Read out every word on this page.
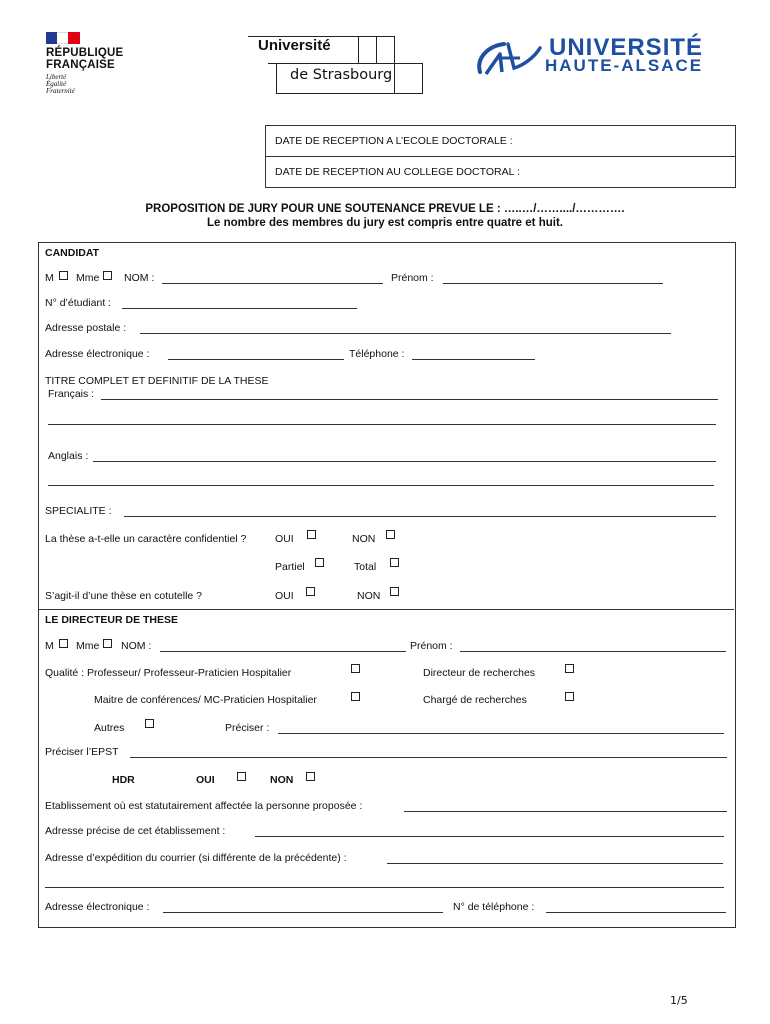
RÉPUBLIQUE
FRANÇAISE
Liberté
Égalité
Fraternité
Université
de Strasbourg
UNIVERSITÉ
HAUTE-ALSACE
DATE DE RECEPTION A L’ECOLE DOCTORALE :
DATE DE RECEPTION AU COLLEGE DOCTORAL :
PROPOSITION DE JURY POUR UNE SOUTENANCE PREVUE LE : …..…/……..../………….
Le nombre des membres du jury est compris entre quatre et huit.
CANDIDAT
M Mme NOM :	Prénom :
N° d’étudiant :
Adresse postale :
Adresse électronique :	Téléphone :
TITRE COMPLET ET DEFINITIF DE LA THESE
Français :
Anglais :
SPECIALITE :
La thèse a-t-elle un caractère confidentiel ?	OUI	NON
Partiel	Total
S’agit-il d’une thèse en cotutelle ?	OUI	NON
LE DIRECTEUR DE THESE
M Mme NOM :	Prénom :
Qualité : Professeur/ Professeur-Praticien Hospitalier	Directeur de recherches
Maitre de conférences/ MC-Praticien Hospitalier	Chargé de recherches
Autres	Préciser :
Préciser l’EPST
HDR	OUI	NON
Etablissement où est statutairement affectée la personne proposée :
Adresse précise de cet établissement :
Adresse d’expédition du courrier (si différente de la précédente) :
Adresse électronique :	N° de téléphone :
1/5
